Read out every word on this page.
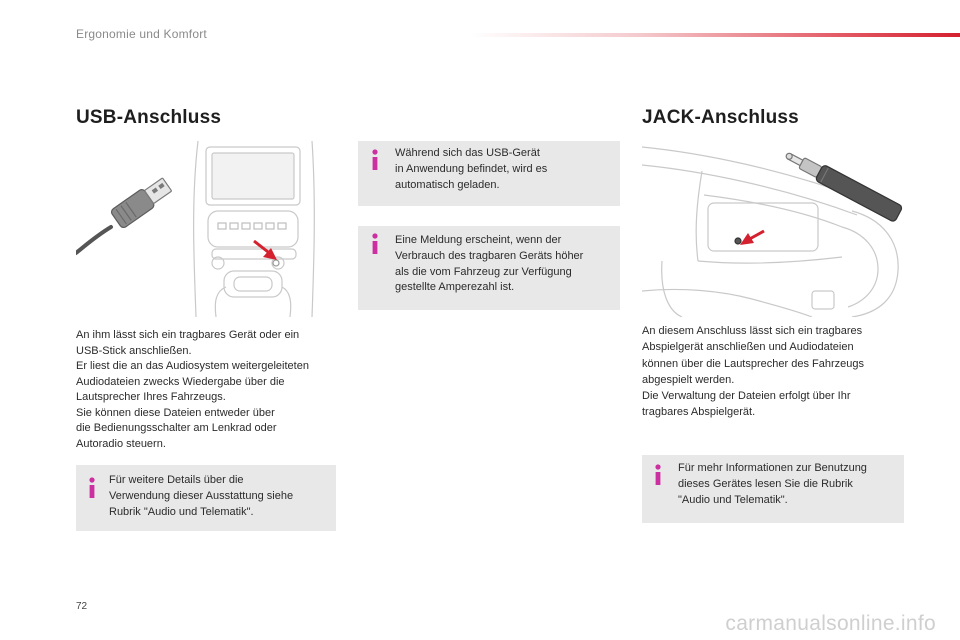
Ergonomie und Komfort
USB-Anschluss	JACK-Anschluss
An ihm lässt sich ein tragbares Gerät oder ein
USB-Stick anschließen.
Er liest die an das Audiosystem weitergeleiteten
Audiodateien zwecks Wiedergabe über die
Lautsprecher Ihres Fahrzeugs.
Sie können diese Dateien entweder über
die Bedienungsschalter am Lenkrad oder
Autoradio steuern.
An diesem Anschluss lässt sich ein tragbares
Abspielgerät anschließen und Audiodateien
können über die Lautsprecher des Fahrzeugs
abgespielt werden.
Die Verwaltung der Dateien erfolgt über Ihr
tragbares Abspielgerät.
Für weitere Details über die
Verwendung dieser Ausstattung siehe
Rubrik "Audio und Telematik".
Während sich das USB-Gerät
in Anwendung befindet, wird es
automatisch geladen.
Eine Meldung erscheint, wenn der
Verbrauch des tragbaren Geräts höher
als die vom Fahrzeug zur Verfügung
gestellte Amperezahl ist.
Für mehr Informationen zur Benutzung
dieses Gerätes lesen Sie die Rubrik
"Audio und Telematik".
72
carmanualsonline.info
